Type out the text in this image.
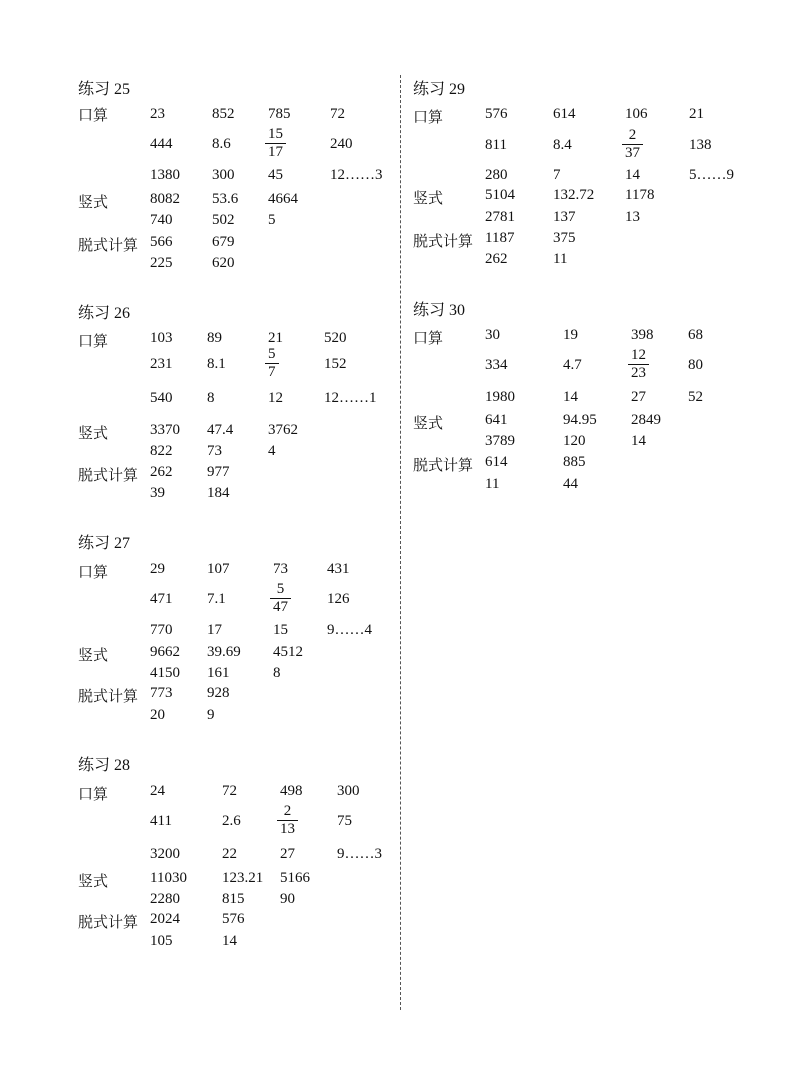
练习 25
口算
竖式
脱式计算
23	852 785	72
444	$8.6 \frac{15}{17}$	240
1380 300 45	12……3
8082 53.6 4664
740	502 5
566	679
225	620
练习 26
口算
竖式
脱式计算
103 89	21	520
231 8.1	$\frac{5}{7}$	152
540 8	12	12……1
3370 47.4 3762
822 73	4
262 977
39	184
练习 27
口算
竖式
脱式计算
29	107	73	431
471 7.1	$\frac{5}{47} 126$
770 17	15	9……4
9662 39.69 4512
4150 161	8
773 928
20	9
练习 28
口算
竖式
脱式计算
24	72	498 300
411	$2.6 \frac{2}{13}$	75
3200	22	27	9……3
11030 123.21 5166
2280	815 90
2024	576
105	14
练习 29
口算
竖式
脱式计算
576	614	106	21
811	8.4	$\frac{2}{37}$	138
280	7	14	5……9
5104	132.72 1178
2781	137	13
1187	375
262	11
练习 30
口算
竖式
脱式计算
30	19	398 68
334	4.7	$\frac{12}{23}$	80
1980	14	27	52
641	94.95 2849
3789	120	14
614	885
11	44
